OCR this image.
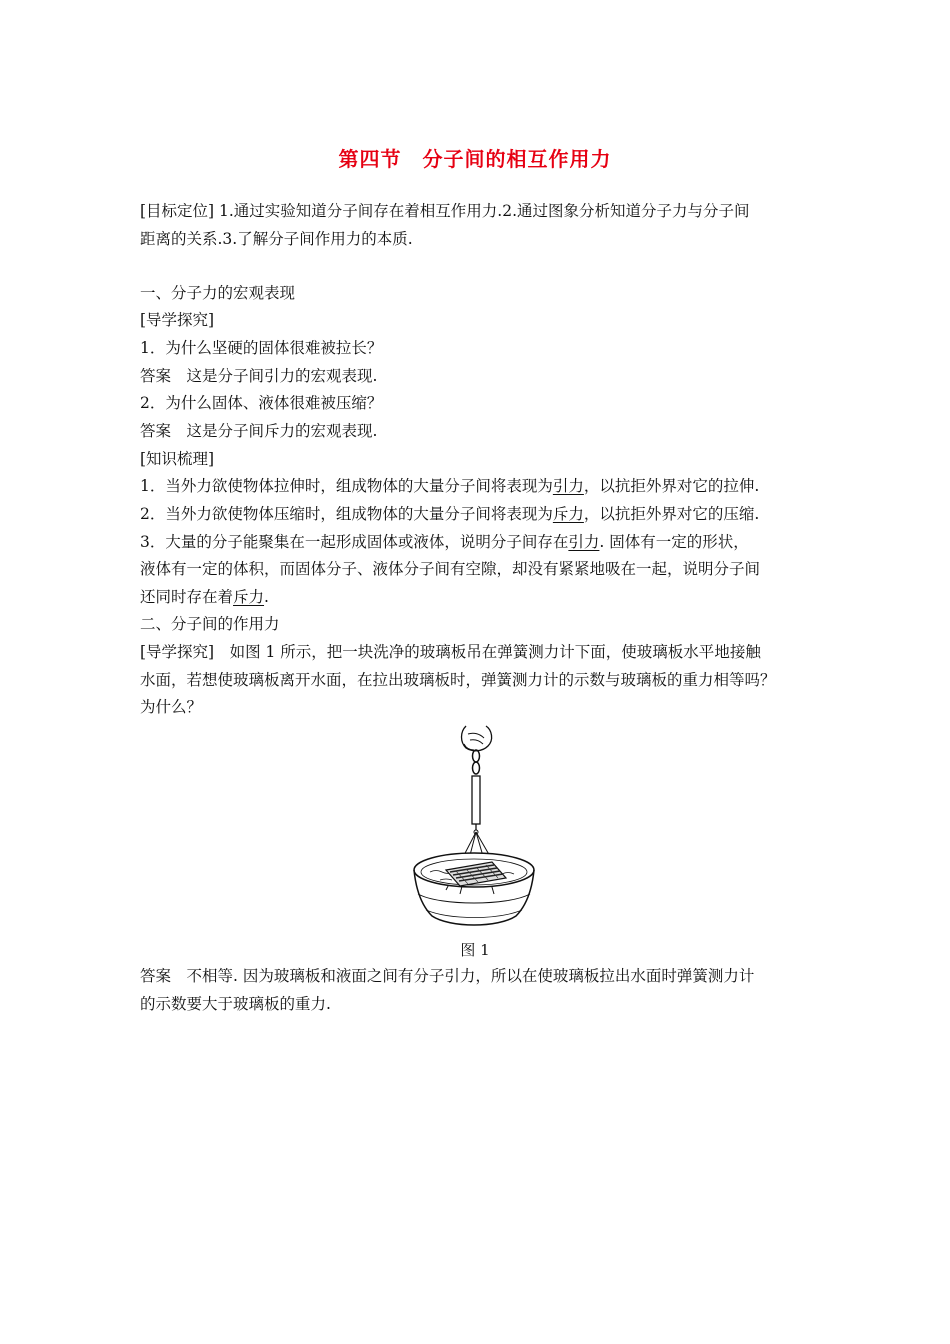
第四节　分子间的相互作用力
[目标定位] 1.通过实验知道分子间存在着相互作用力.2.通过图象分析知道分子力与分子间
距离的关系.3.了解分子间作用力的本质.
一、分子力的宏观表现
[导学探究]
1．为什么坚硬的固体很难被拉长？
答案　这是分子间引力的宏观表现.
2．为什么固体、液体很难被压缩？
答案　这是分子间斥力的宏观表现.
[知识梳理]
1．当外力欲使物体拉伸时，组成物体的大量分子间将表现为引力，以抗拒外界对它的拉伸.
2．当外力欲使物体压缩时，组成物体的大量分子间将表现为斥力，以抗拒外界对它的压缩.
3．大量的分子能聚集在一起形成固体或液体，说明分子间存在引力. 固体有一定的形状，
液体有一定的体积，而固体分子、液体分子间有空隙，却没有紧紧地吸在一起，说明分子间
还同时存在着斥力.
二、分子间的作用力
[导学探究]　如图 1 所示，把一块洗净的玻璃板吊在弹簧测力计下面，使玻璃板水平地接触
水面，若想使玻璃板离开水面，在拉出玻璃板时，弹簧测力计的示数与玻璃板的重力相等吗？
为什么？
图 1
答案　不相等. 因为玻璃板和液面之间有分子引力，所以在使玻璃板拉出水面时弹簧测力计
的示数要大于玻璃板的重力.
